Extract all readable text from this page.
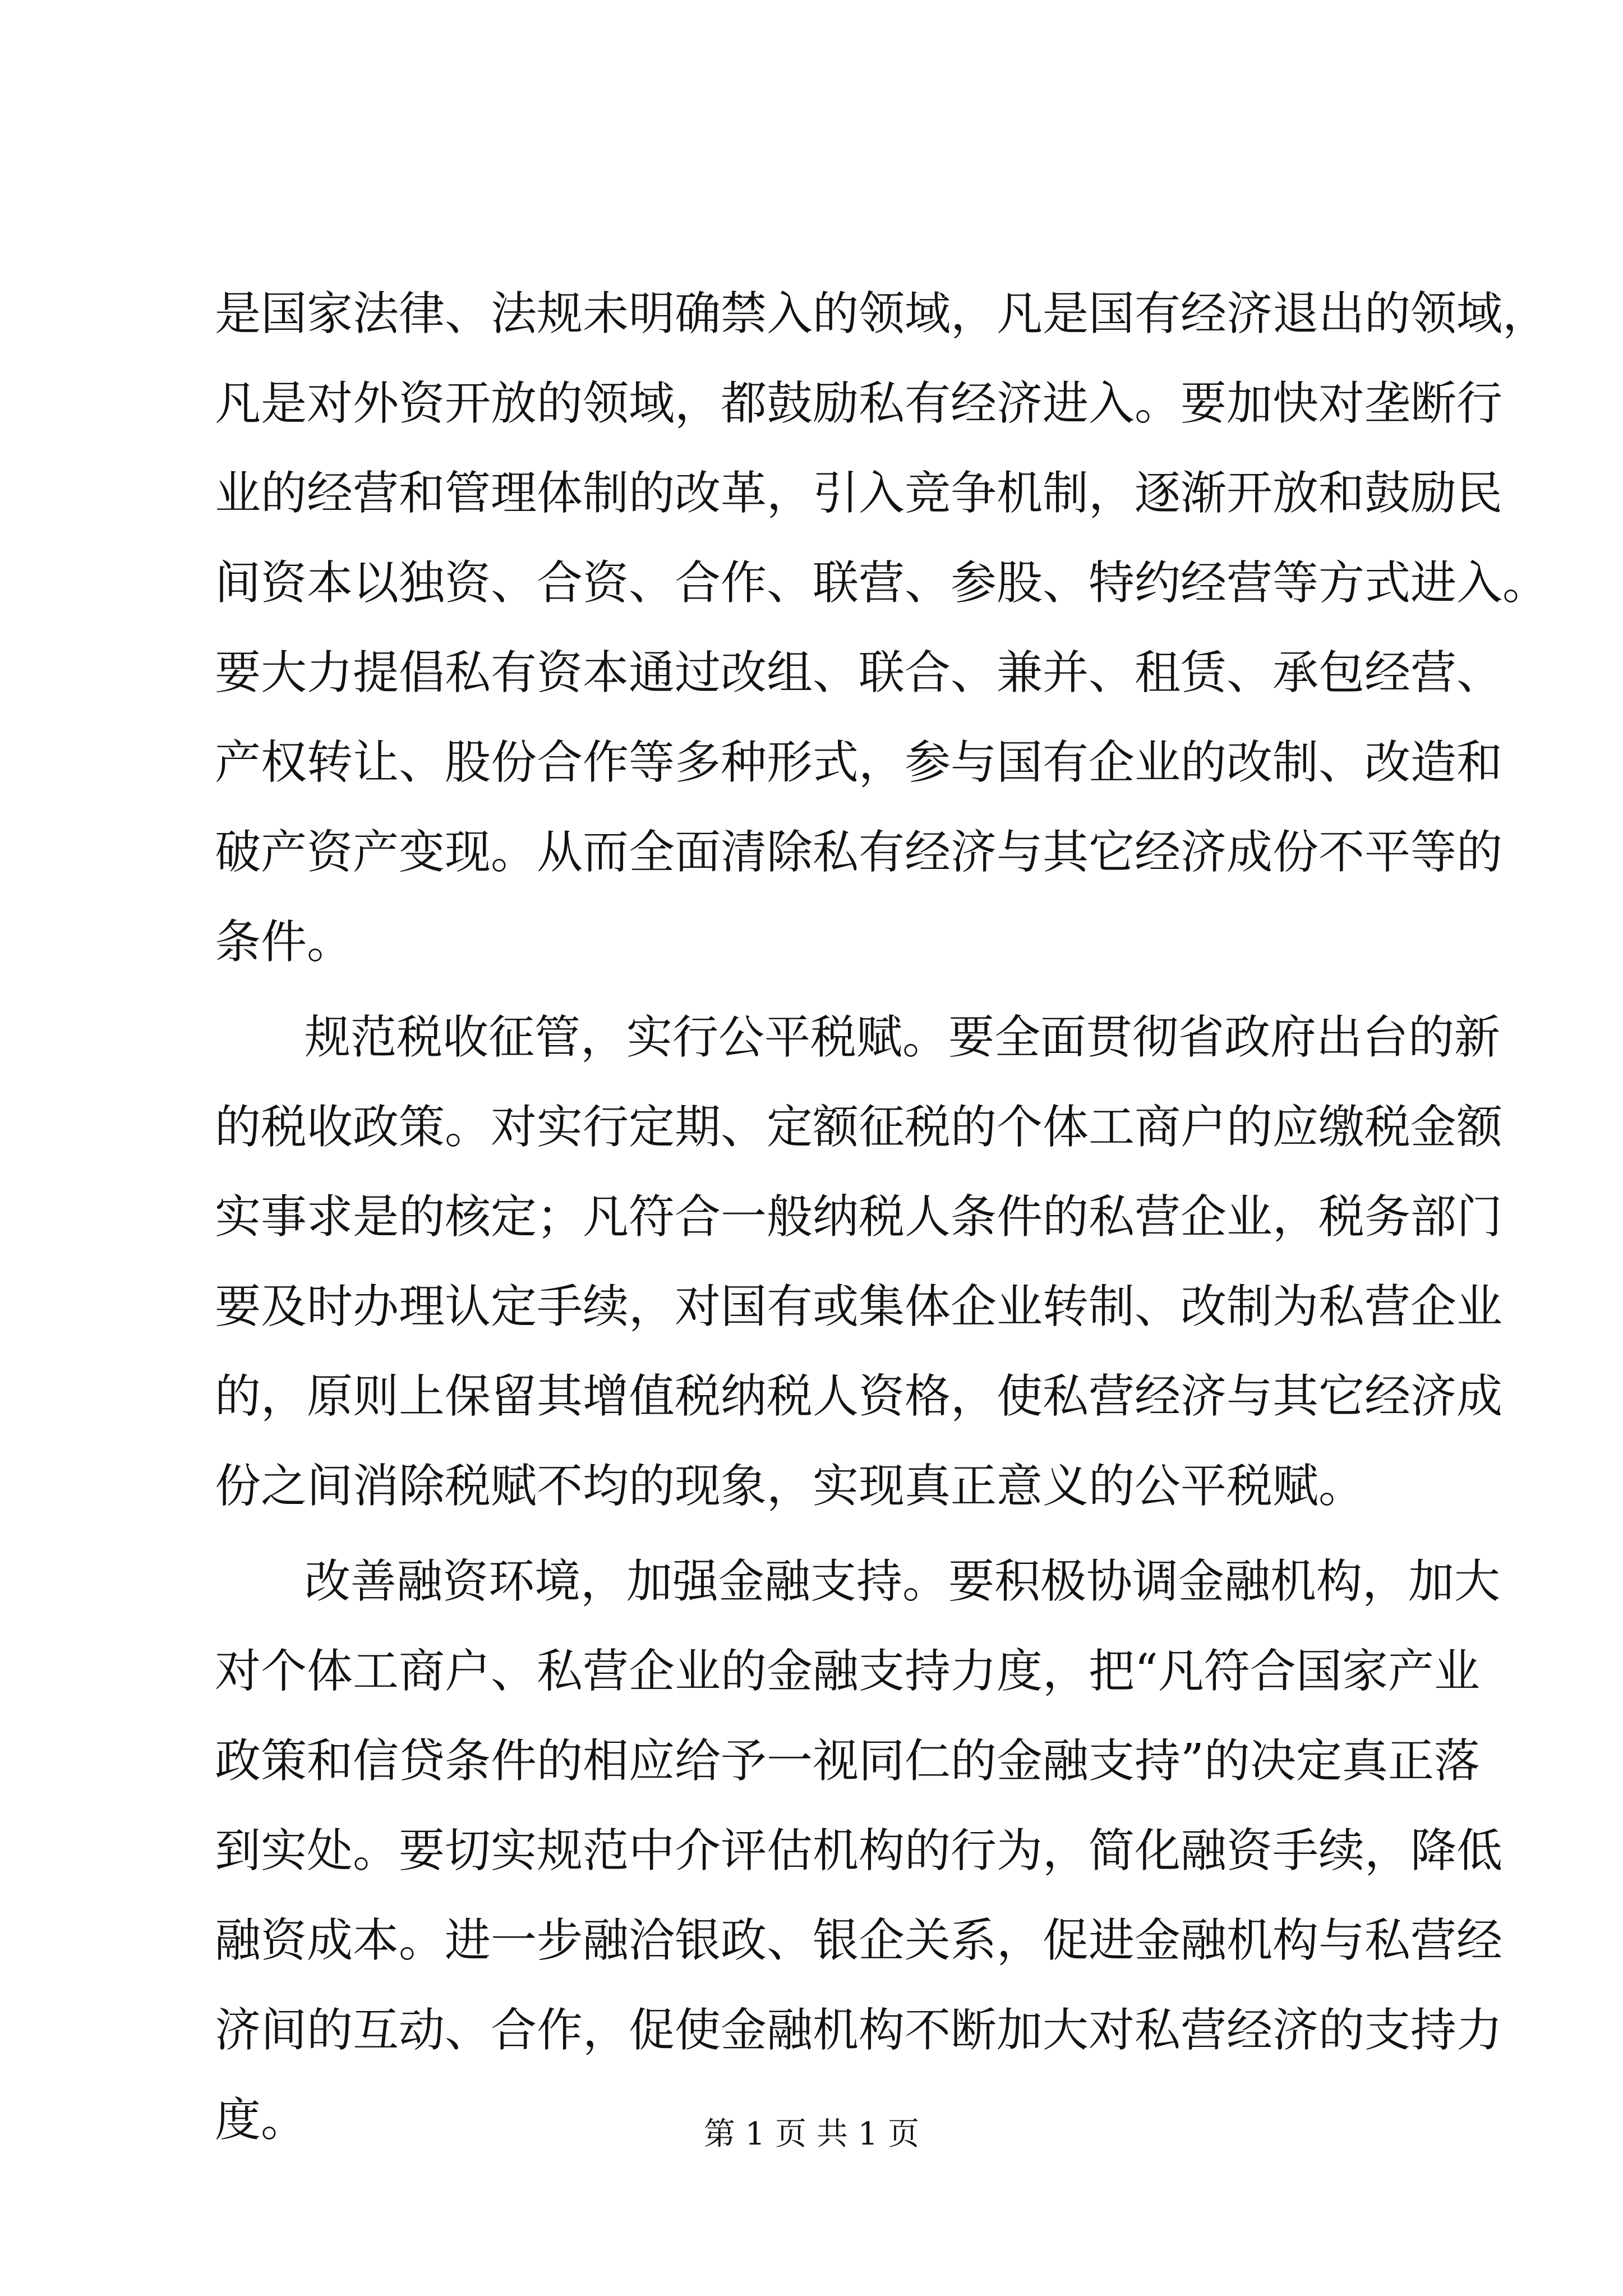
是国家法律、法规未明确禁入的领域，凡是国有经济退出的领域，
凡是对外资开放的领域，都鼓励私有经济进入。要加快对垄断行
业的经营和管理体制的改革，引入竞争机制，逐渐开放和鼓励民
间资本以独资、合资、合作、联营、参股、特约经营等方式进入。
要大力提倡私有资本通过改组、联合、兼并、租赁、承包经营、
产权转让、股份合作等多种形式，参与国有企业的改制、改造和
破产资产变现。从而全面清除私有经济与其它经济成份不平等的
条件。
规范税收征管，实行公平税赋。要全面贯彻省政府出台的新
的税收政策。对实行定期、定额征税的个体工商户的应缴税金额
实事求是的核定；凡符合一般纳税人条件的私营企业，税务部门
要及时办理认定手续，对国有或集体企业转制、改制为私营企业
的，原则上保留其增值税纳税人资格，使私营经济与其它经济成
份之间消除税赋不均的现象，实现真正意义的公平税赋。
改善融资环境，加强金融支持。要积极协调金融机构，加大
对个体工商户、私营企业的金融支持力度，把“凡符合国家产业
政策和信贷条件的相应给予一视同仁的金融支持”的决定真正落
到实处。要切实规范中介评估机构的行为，简化融资手续，降低
融资成本。进一步融洽银政、银企关系，促进金融机构与私营经
济间的互动、合作，促使金融机构不断加大对私营经济的支持力
度。	第 1 页 共 1 页
